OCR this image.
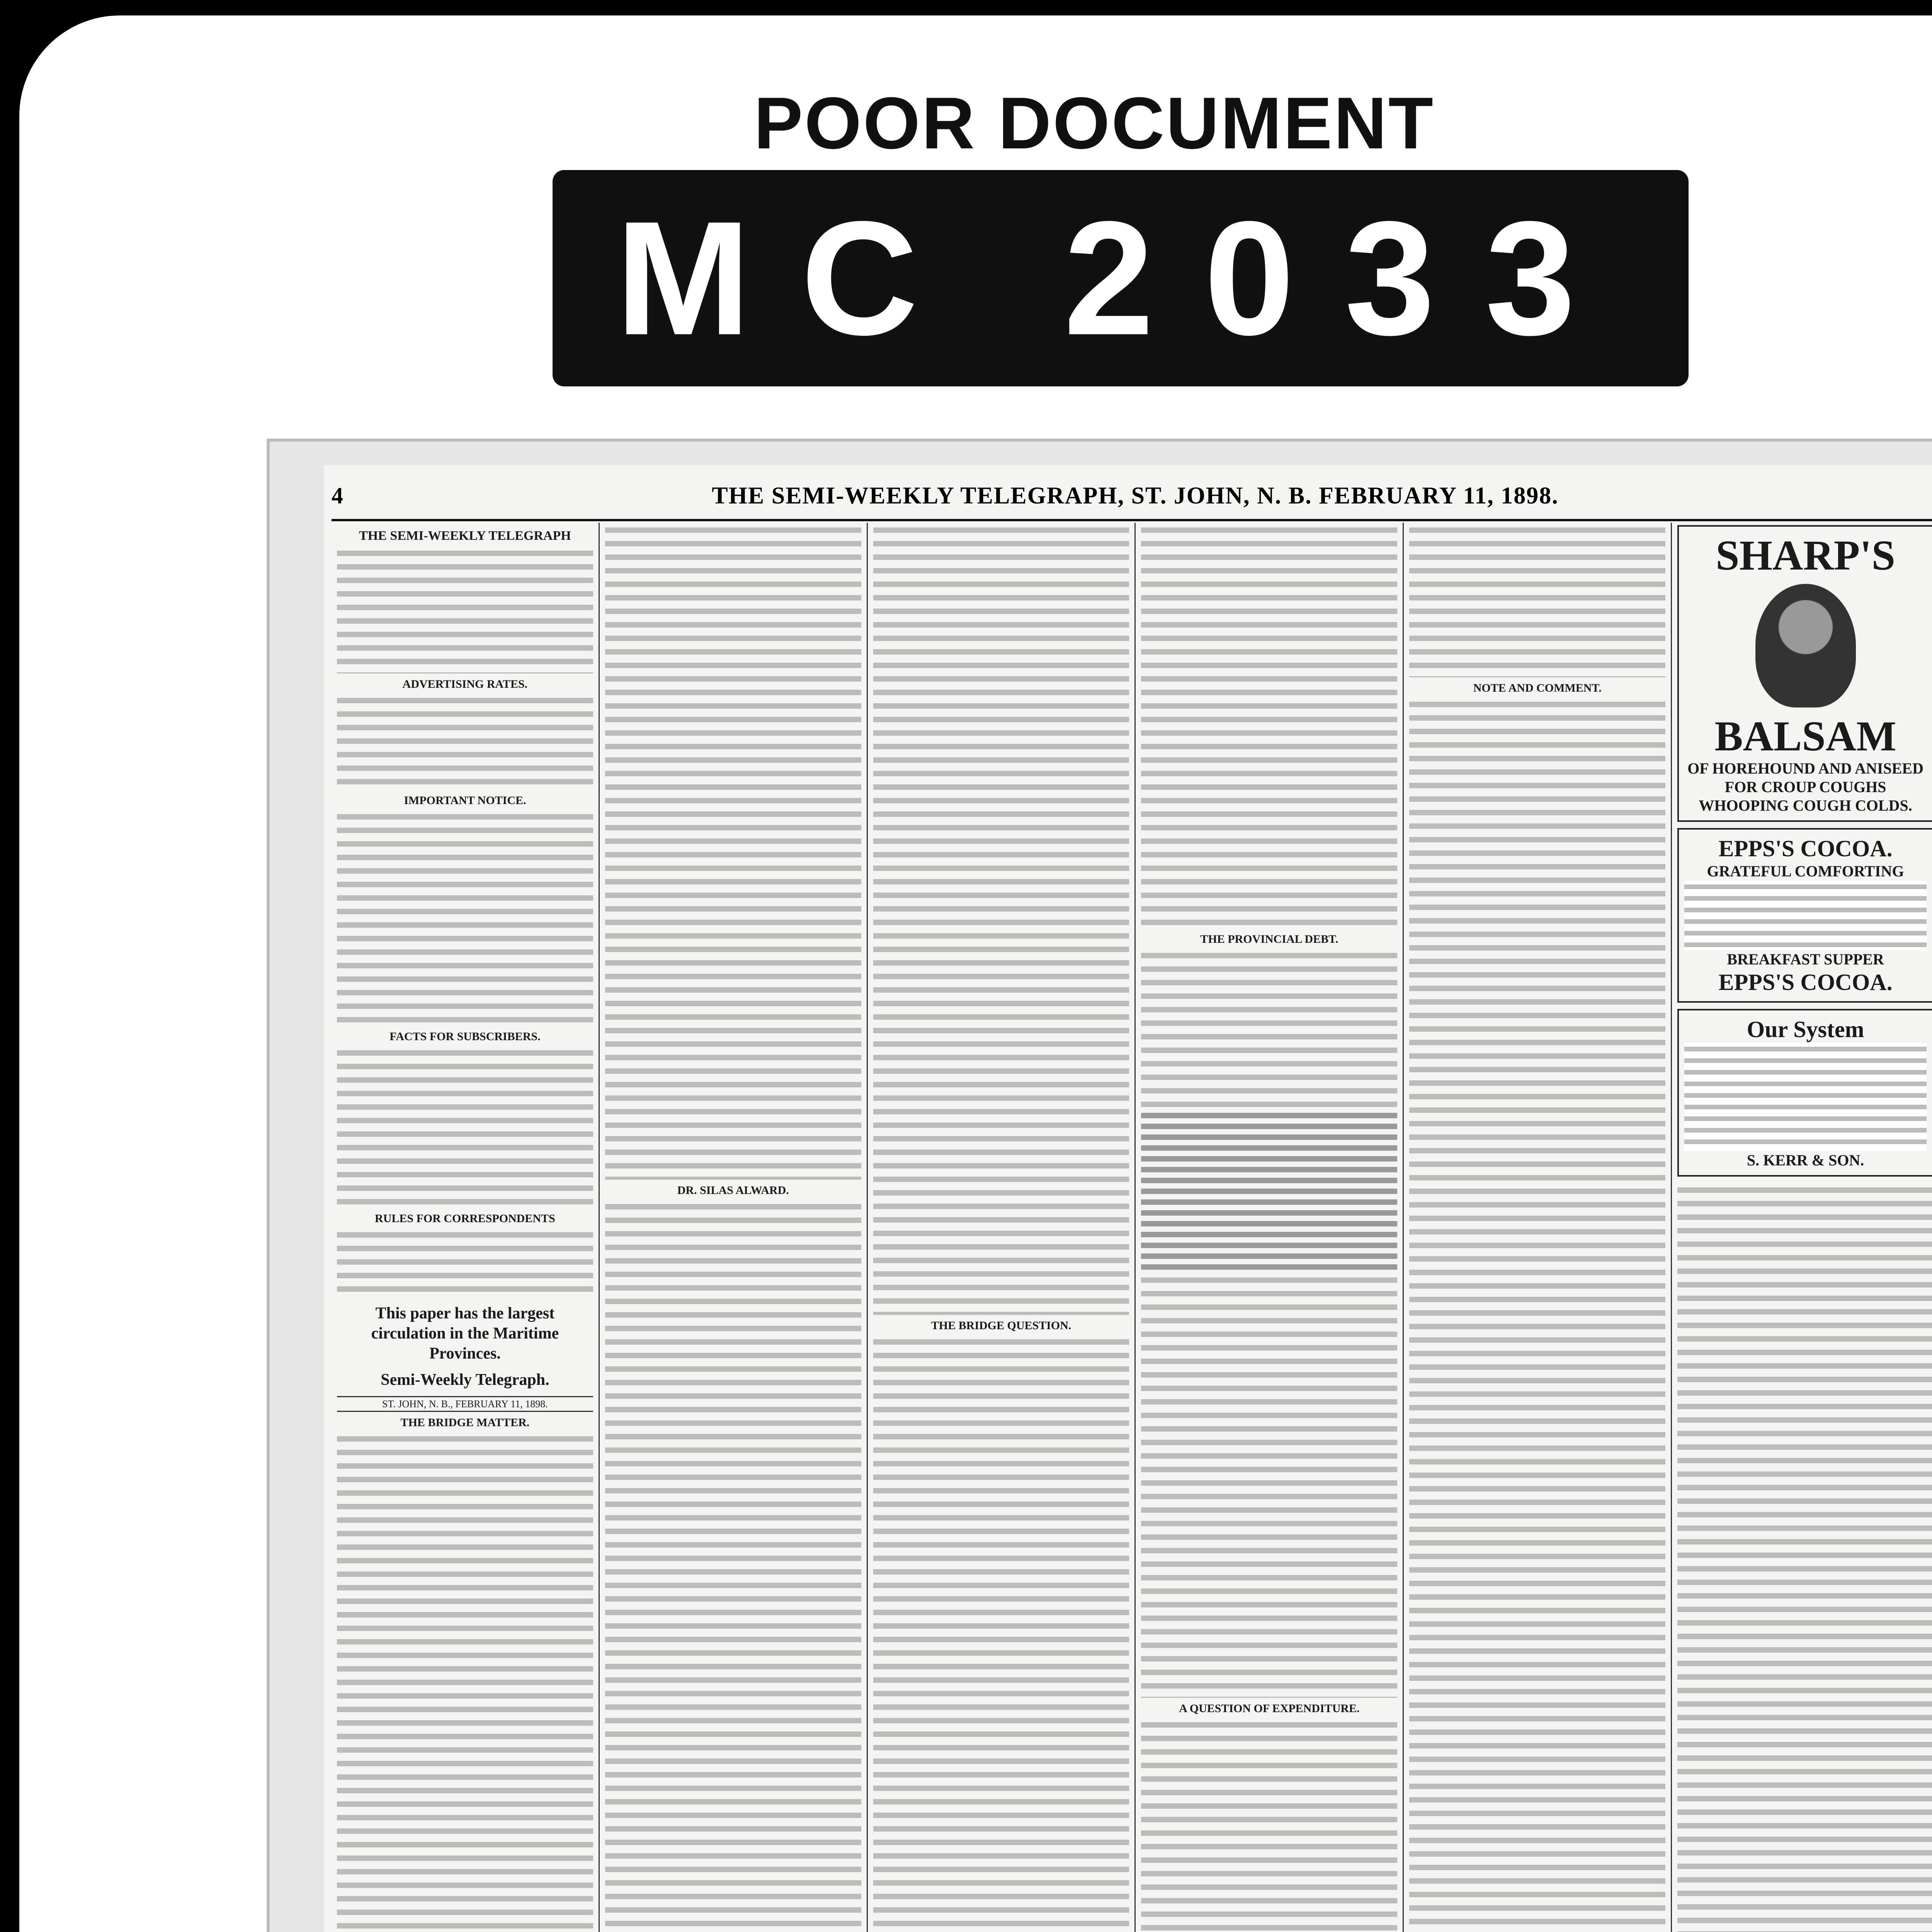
POOR DOCUMENT
MC 2033
4	THE SEMI-WEEKLY TELEGRAPH, ST. JOHN, N. B. FEBRUARY 11, 1898.
THE SEMI-WEEKLY TELEGRAPH
ADVERTISING RATES.
IMPORTANT NOTICE.
FACTS FOR SUBSCRIBERS.
RULES FOR CORRESPONDENTS
This paper has the largest circulation in the Maritime Provinces.
Semi-Weekly Telegraph.
ST. JOHN, N. B., FEBRUARY 11, 1898.
THE BRIDGE MATTER.
DR. SILAS ALWARD.
THE BRIDGE QUESTION.
THE PROVINCIAL DEBT.
A QUESTION OF EXPENDITURE.
NOTE AND COMMENT.
SHARP'S
BALSAM
OF HOREHOUND AND ANISEED
FOR CROUP COUGHS WHOOPING COUGH COLDS.
EPPS'S COCOA.
GRATEFUL COMFORTING
BREAKFAST SUPPER
EPPS'S COCOA.
Our System
S. KERR & SON.
